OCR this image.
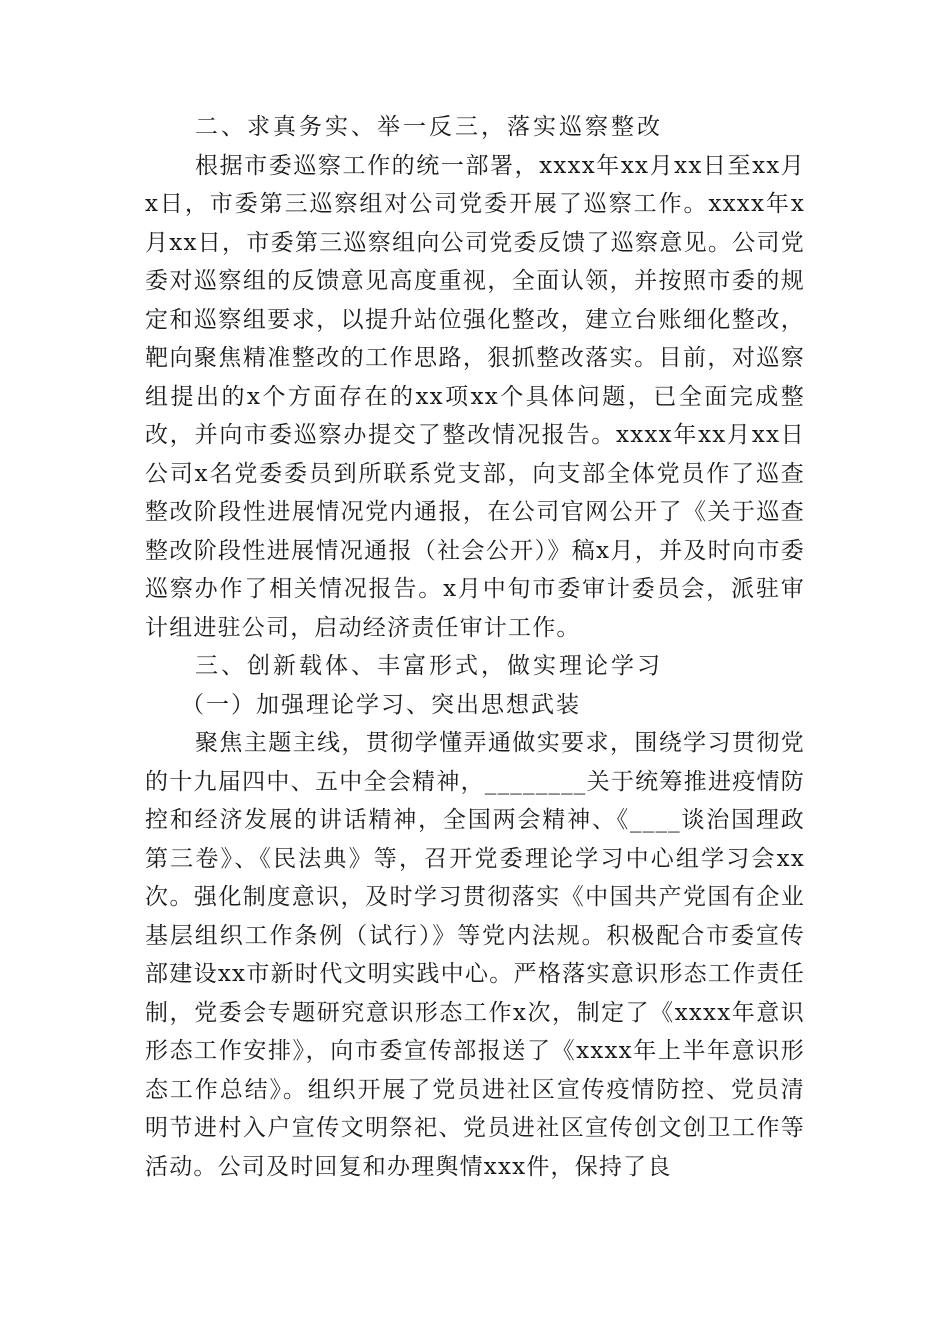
二、求真务实、举一反三，落实巡察整改

根据市委巡察工作的统一部署，xxxx年xx月xx日至xx月x日，市委第三巡察组对公司党委开展了巡察工作。xxxx年x月xx日，市委第三巡察组向公司党委反馈了巡察意见。公司党委对巡察组的反馈意见高度重视，全面认领，并按照市委的规定和巡察组要求，以提升站位强化整改，建立台账细化整改，靶向聚焦精准整改的工作思路，狠抓整改落实。目前，对巡察组提出的x个方面存在的xx项xx个具体问题，已全面完成整改，并向市委巡察办提交了整改情况报告。xxxx年xx月xx日公司x名党委委员到所联系党支部，向支部全体党员作了巡查整改阶段性进展情况党内通报，在公司官网公开了《关于巡查整改阶段性进展情况通报（社会公开）》稿x月，并及时向市委巡察办作了相关情况报告。x月中旬市委审计委员会，派驻审计组进驻公司，启动经济责任审计工作。

三、创新载体、丰富形式，做实理论学习

（一）加强理论学习、突出思想武装

聚焦主题主线，贯彻学懂弄通做实要求，围绕学习贯彻党的十九届四中、五中全会精神，________关于统筹推进疫情防控和经济发展的讲话精神，全国两会精神、《____谈治国理政第三卷》、《民法典》等，召开党委理论学习中心组学习会xx次。强化制度意识，及时学习贯彻落实《中国共产党国有企业基层组织工作条例（试行）》等党内法规。积极配合市委宣传部建设xx市新时代文明实践中心。严格落实意识形态工作责任制，党委会专题研究意识形态工作x次，制定了《xxxx年意识形态工作安排》，向市委宣传部报送了《xxxx年上半年意识形态工作总结》。组织开展了党员进社区宣传疫情防控、党员清明节进村入户宣传文明祭祀、党员进社区宣传创文创卫工作等活动。公司及时回复和办理舆情xxx件，保持了良
